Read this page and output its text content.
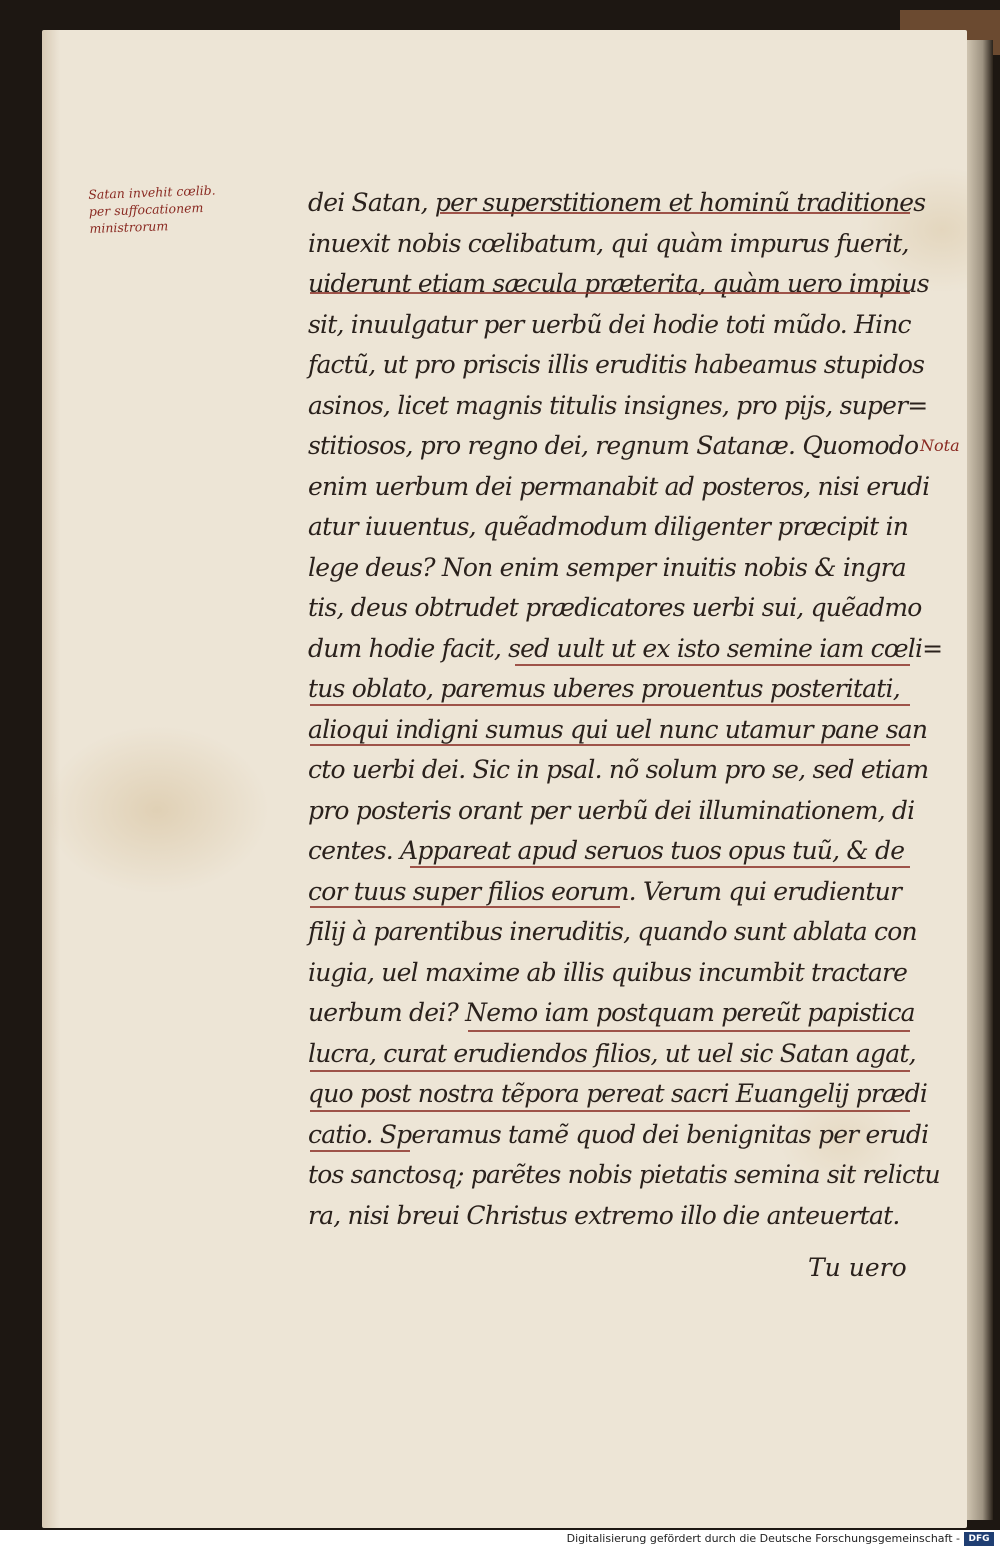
Satan invehit cœlib.
per suffocationem
ministrorum
Nota
dei Satan, per superstitionem et hominũ traditiones
inuexit nobis cœlibatum, qui quàm impurus fuerit,
uiderunt etiam sæcula præterita, quàm uero impius
sit, inuulgatur per uerbũ dei hodie toti mũdo. Hinc
factũ, ut pro priscis illis eruditis habeamus stupidos
asinos, licet magnis titulis insignes, pro pijs, super=
stitiosos, pro regno dei, regnum Satanæ. Quomodo
enim uerbum dei permanabit ad posteros, nisi erudi
atur iuuentus, quẽadmodum diligenter præcipit in
lege deus? Non enim semper inuitis nobis & ingra
tis, deus obtrudet prædicatores uerbi sui, quẽadmo
dum hodie facit, sed uult ut ex isto semine iam cœli=
tus oblato, paremus uberes prouentus posteritati,
alioqui indigni sumus qui uel nunc utamur pane san
cto uerbi dei. Sic in psal. nõ solum pro se, sed etiam
pro posteris orant per uerbũ dei illuminationem, di
centes. Appareat apud seruos tuos opus tuũ, & de
cor tuus super filios eorum. Verum qui erudientur
filij à parentibus ineruditis, quando sunt ablata con
iugia, uel maxime ab illis quibus incumbit tractare
uerbum dei? Nemo iam postquam pereũt papistica
lucra, curat erudiendos filios, ut uel sic Satan agat,
quo post nostra tẽpora pereat sacri Euangelij prædi
catio. Speramus tamẽ quod dei benignitas per erudi
tos sanctosq; parẽtes nobis pietatis semina sit relictu
ra, nisi breui Christus extremo illo die anteuertat.
Tu uero
Digitalisierung gefördert durch die Deutsche Forschungsgemeinschaft - DFG
